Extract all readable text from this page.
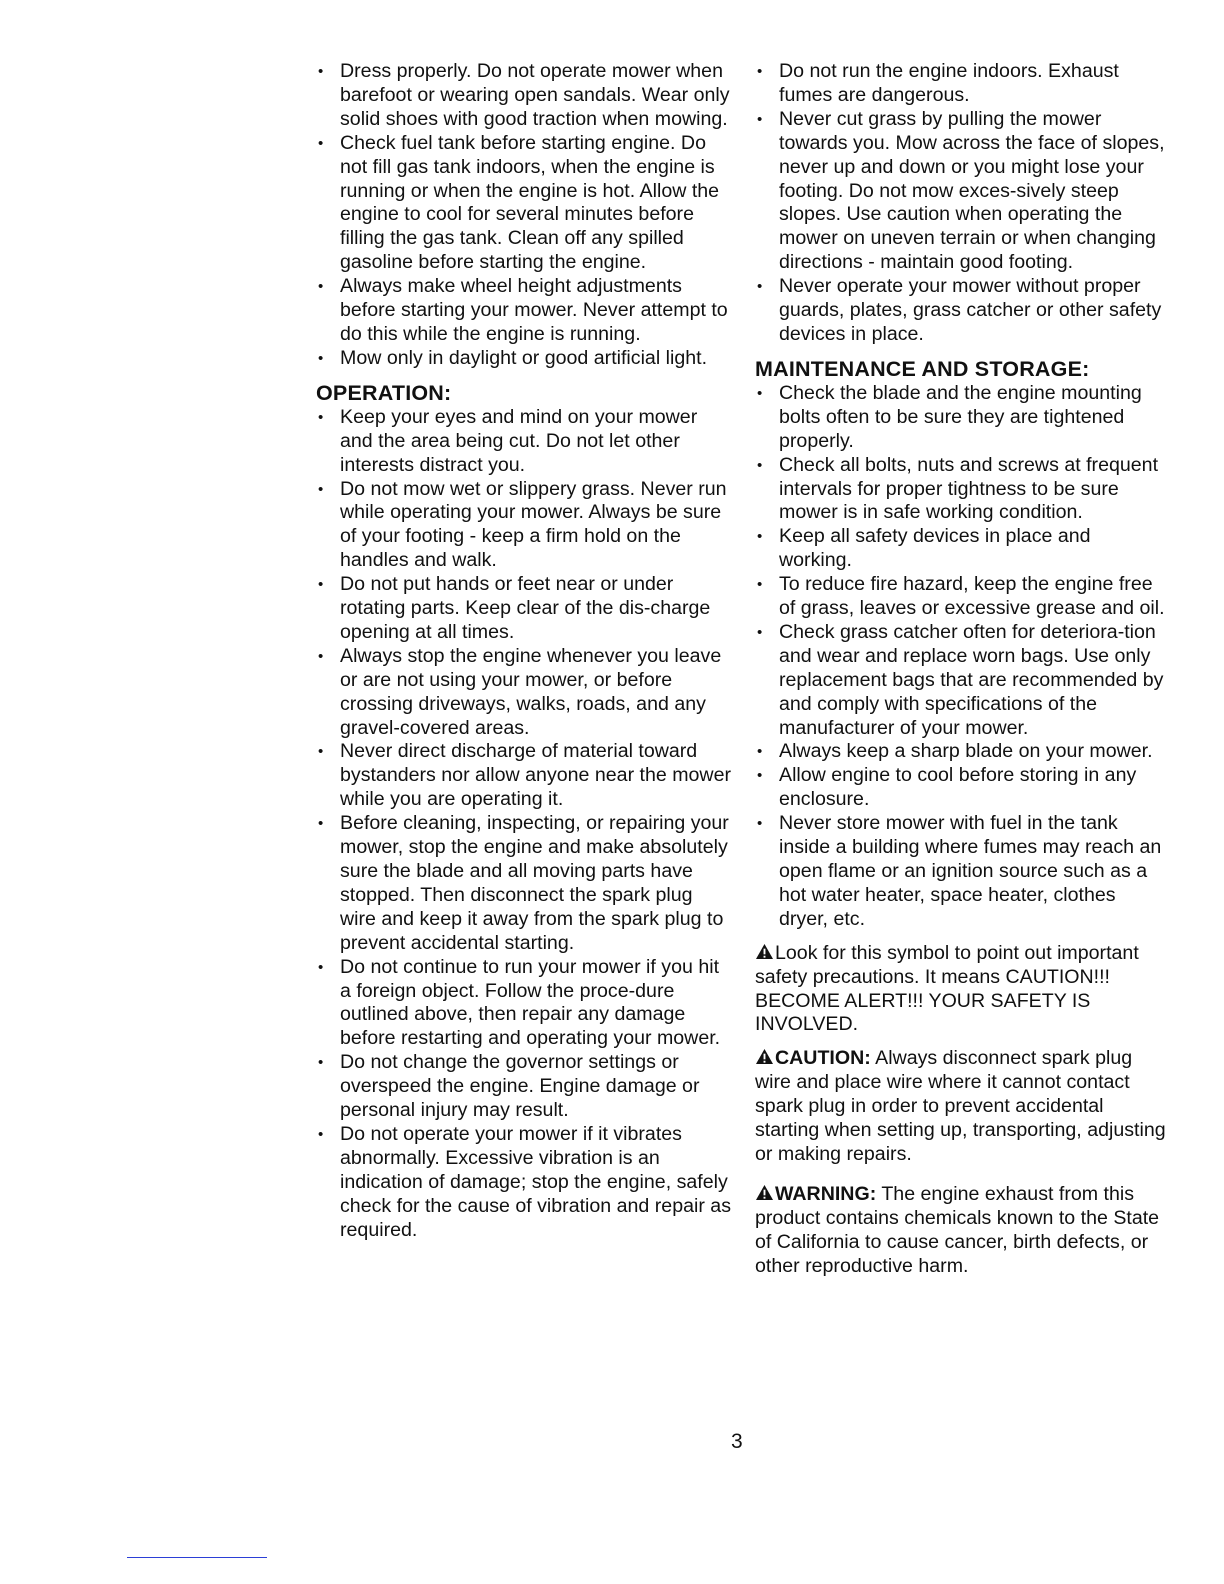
• Dress properly. Do not operate mower when barefoot or wearing open sandals. Wear only solid shoes with good traction when mowing.
• Check fuel tank before starting engine. Do not fill gas tank indoors, when the engine is running or when the engine is hot. Allow the engine to cool for several minutes before filling the gas tank. Clean off any spilled gasoline before starting the engine.
• Always make wheel height adjustments before starting your mower. Never attempt to do this while the engine is running.
• Mow only in daylight or good artificial light.
OPERATION:
• Keep your eyes and mind on your mower and the area being cut. Do not let other interests distract you.
• Do not mow wet or slippery grass. Never run while operating your mower. Always be sure of your footing - keep a firm hold on the handles and walk.
• Do not put hands or feet near or under rotating parts. Keep clear of the dis-charge opening at all times.
• Always stop the engine whenever you leave or are not using your mower, or before crossing driveways, walks, roads, and any gravel-covered areas.
• Never direct discharge of material toward bystanders nor allow anyone near the mower while you are operating it.
• Before cleaning, inspecting, or repairing your mower, stop the engine and make absolutely sure the blade and all moving parts have stopped. Then disconnect the spark plug wire and keep it away from the spark plug to prevent accidental starting.
• Do not continue to run your mower if you hit a foreign object. Follow the proce-dure outlined above, then repair any damage before restarting and operating your mower.
• Do not change the governor settings or overspeed the engine. Engine damage or personal injury may result.
• Do not operate your mower if it vibrates abnormally. Excessive vibration is an indication of damage; stop the engine, safely check for the cause of vibration and repair as required.
• Do not run the engine indoors. Exhaust fumes are dangerous.
• Never cut grass by pulling the mower towards you. Mow across the face of slopes, never up and down or you might lose your footing. Do not mow exces-sively steep slopes. Use caution when operating the mower on uneven terrain or when changing directions - maintain good footing.
• Never operate your mower without proper guards, plates, grass catcher or other safety devices in place.
MAINTENANCE AND STORAGE:
• Check the blade and the engine mounting bolts often to be sure they are tightened properly.
• Check all bolts, nuts and screws at frequent intervals for proper tightness to be sure mower is in safe working condition.
• Keep all safety devices in place and working.
• To reduce fire hazard, keep the engine free of grass, leaves or excessive grease and oil.
• Check grass catcher often for deteriora-tion and wear and replace worn bags. Use only replacement bags that are recommended by and comply with specifications of the manufacturer of your mower.
• Always keep a sharp blade on your mower.
• Allow engine to cool before storing in any enclosure.
• Never store mower with fuel in the tank inside a building where fumes may reach an open flame or an ignition source such as a hot water heater, space heater, clothes dryer, etc.

Look for this symbol to point out important safety precautions. It means CAUTION!!! BECOME ALERT!!! YOUR SAFETY IS INVOLVED.

CAUTION: Always disconnect spark plug wire and place wire where it cannot contact spark plug in order to prevent accidental starting when setting up, transporting, adjusting or making repairs.

WARNING: The engine exhaust from this product contains chemicals known to the State of California to cause cancer, birth defects, or other reproductive harm.

3
